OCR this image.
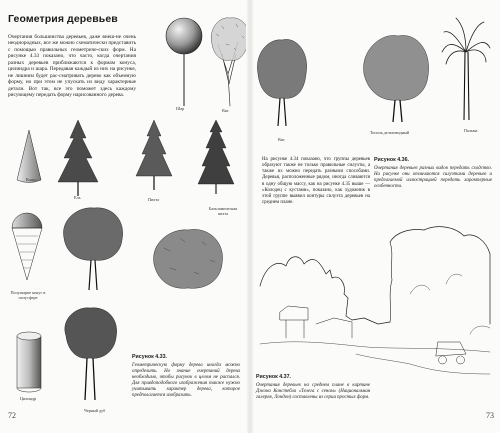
Геометрия деревьев

Очертания большинства деревьев, даже внеш-не очень неоднородных, все же можно схематически представить с помощью правильных геометриче-ских форм. На рисунке 4.33 показано, что часто, когда очертания разных деревьев приближаются к формам конуса, цилиндра и шара. Передавая каждый из них на рисунке, не лишним будет рас-сматривать дерево как объемную форму, но при этом не упускать из виду характерные детали. Вот так, все это поможет здесь каждому рисующему передать форму нарисованного дерева.

Шар	Вяз
Конус
Ель	Пихта
Бальзамическая пихта
Полушарие конус в полусфере
Цилиндр
Черный дуб
Рисунок 4.33.

Геометрическую форму дерева иногда можно определить. Но знание очертаний дерева необходимо, чтобы рисунок в целом не распался. Для правдоподобного изображения также нужно учитывать характер дерева, которое предполагается изобразить.

72
Вяз
Тополь дельтовидный	Пальма

На рисунке 4.34 показано, что группы деревьев образуют также не только правильные силуэты, а также их можно передать разными способами. Деревья, расположенные рядом, иногда сливаются в одну общую массу, как на рисунке 4.35 выше — «Колодец с кустами», показано, как художник в этой группе выявил контуры силуэта деревьев на среднем плане.

Рисунок 4.36.

Очертания деревьев разных видов передать сходство. На рисунке они отличаются силуэтами деревьев и предлагаемой иллюстрацией передать характерные особенности.

Рисунок 4.37.

Очертания деревьев на среднем плане в картине Джона Констебла «Телега с сеном» (Национальная галерея, Лондон) составлены из серии простых форм.

73
